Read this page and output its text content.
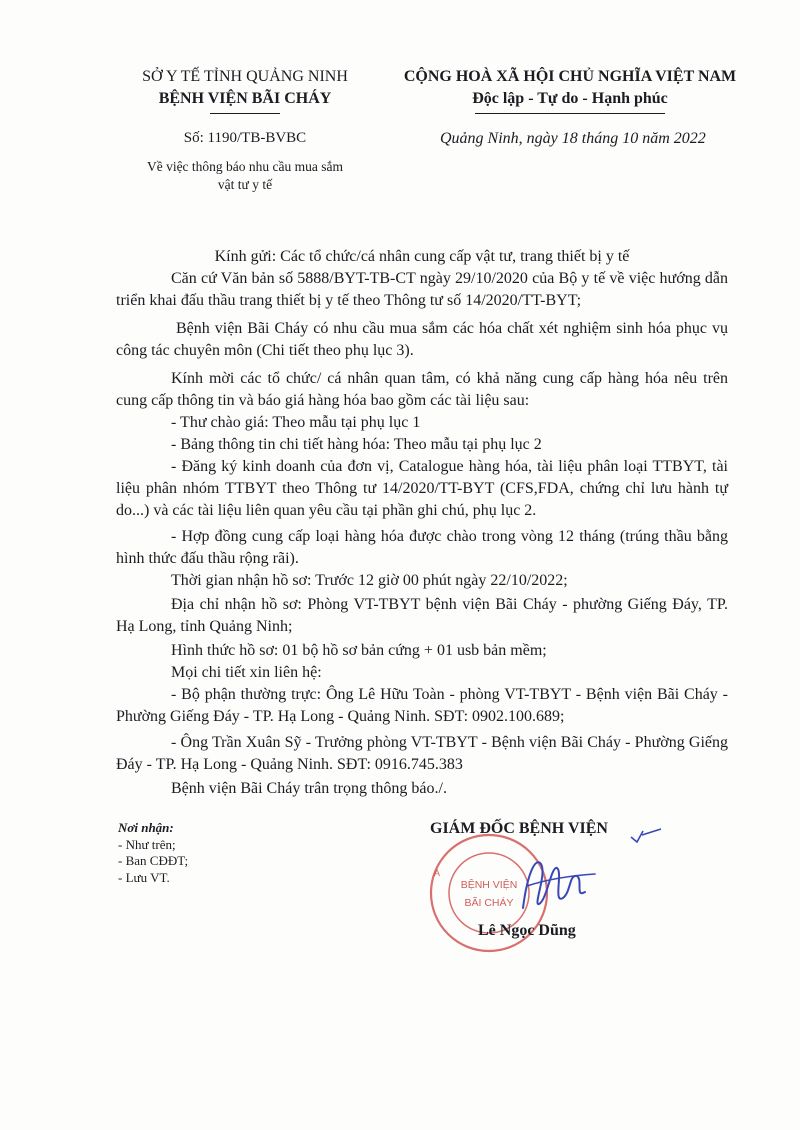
SỞ Y TẾ TỈNH QUẢNG NINH
BỆNH VIỆN BÃI CHÁY
CỘNG HOÀ XÃ HỘI CHỦ NGHĨA VIỆT NAM
Độc lập - Tự do - Hạnh phúc
Số: 1190/TB-BVBC	Quảng Ninh, ngày 18 tháng 10 năm 2022
Về việc thông báo nhu cầu mua sắm
vật tư y tế

Kính gửi: Các tổ chức/cá nhân cung cấp vật tư, trang thiết bị y tế

Căn cứ Văn bản số 5888/BYT-TB-CT ngày 29/10/2020 của Bộ y tế về việc hướng dẫn triển khai đấu thầu trang thiết bị y tế theo Thông tư số 14/2020/TT-BYT;

Bệnh viện Bãi Cháy có nhu cầu mua sắm các hóa chất xét nghiệm sinh hóa phục vụ công tác chuyên môn (Chi tiết theo phụ lục 3).

Kính mời các tổ chức/ cá nhân quan tâm, có khả năng cung cấp hàng hóa nêu trên cung cấp thông tin và báo giá hàng hóa bao gồm các tài liệu sau:

- Thư chào giá: Theo mẫu tại phụ lục 1

- Bảng thông tin chi tiết hàng hóa: Theo mẫu tại phụ lục 2

- Đăng ký kinh doanh của đơn vị, Catalogue hàng hóa, tài liệu phân loại TTBYT, tài liệu phân nhóm TTBYT theo Thông tư 14/2020/TT-BYT (CFS,FDA, chứng chỉ lưu hành tự do...) và các tài liệu liên quan yêu cầu tại phần ghi chú, phụ lục 2.

- Hợp đồng cung cấp loại hàng hóa được chào trong vòng 12 tháng (trúng thầu bằng hình thức đấu thầu rộng rãi).

Thời gian nhận hồ sơ: Trước 12 giờ 00 phút ngày 22/10/2022;

Địa chỉ nhận hồ sơ: Phòng VT-TBYT bệnh viện Bãi Cháy - phường Giếng Đáy, TP. Hạ Long, tỉnh Quảng Ninh;

Hình thức hồ sơ: 01 bộ hồ sơ bản cứng + 01 usb bản mềm;

Mọi chi tiết xin liên hệ:

- Bộ phận thường trực: Ông Lê Hữu Toàn - phòng VT-TBYT - Bệnh viện Bãi Cháy - Phường Giếng Đáy - TP. Hạ Long - Quảng Ninh. SĐT: 0902.100.689;

- Ông Trần Xuân Sỹ - Trưởng phòng VT-TBYT - Bệnh viện Bãi Cháy - Phường Giếng Đáy - TP. Hạ Long - Quảng Ninh. SĐT: 0916.745.383

Bệnh viện Bãi Cháy trân trọng thông báo./.

Nơi nhận:
- Như trên;
- Ban CĐĐT;
- Lưu VT.
GIÁM ĐỐC BỆNH VIỆN
A
BỆNH VIỆN
BÃI CHÁY
Lê Ngọc Dũng
